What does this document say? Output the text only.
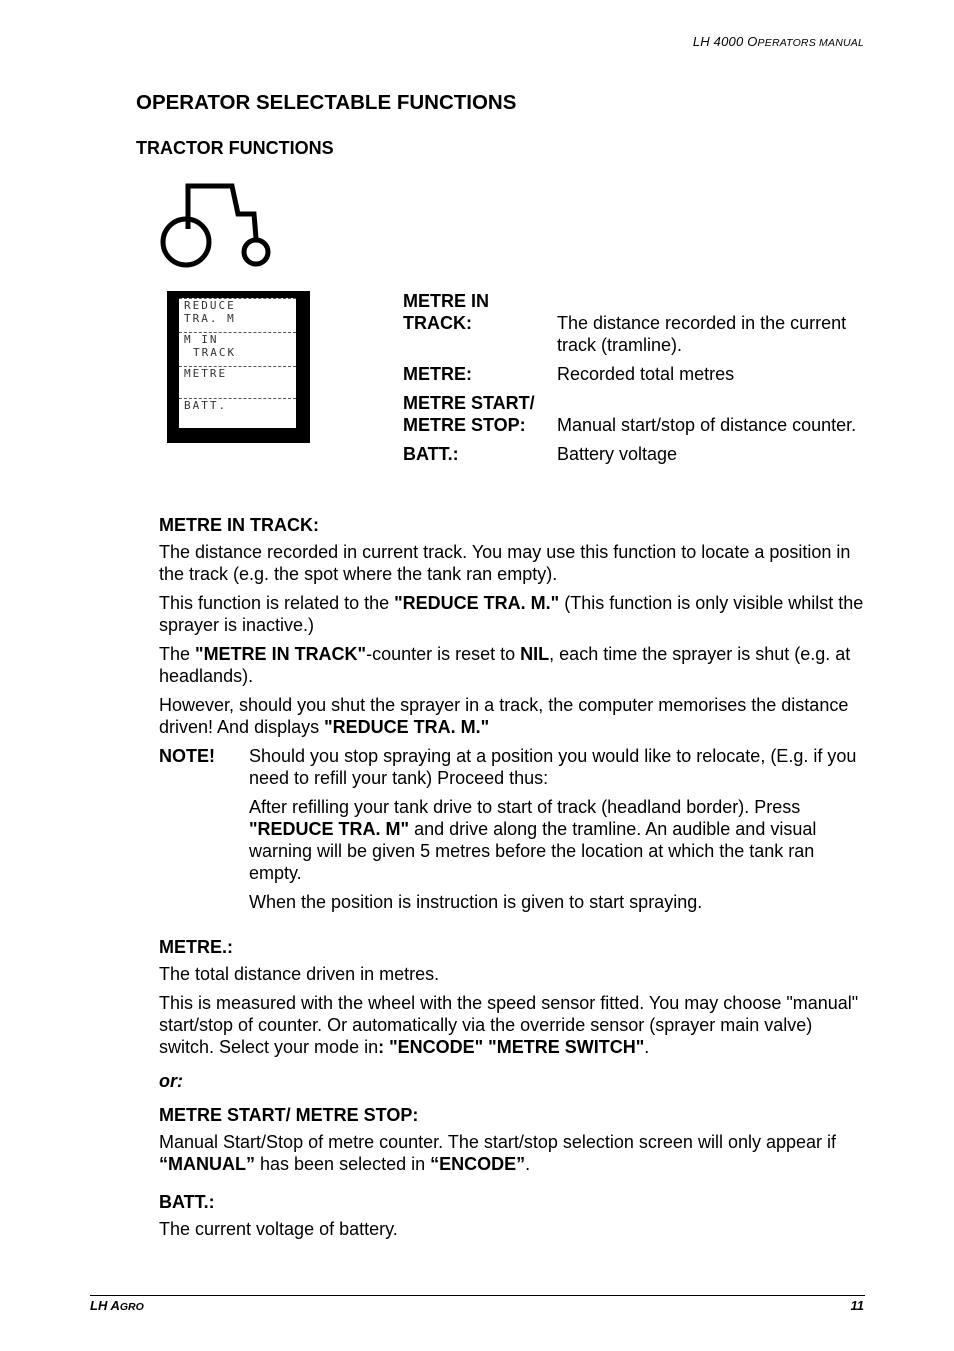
LH 4000 OPERATORS MANUAL
OPERATOR SELECTABLE FUNCTIONS
TRACTOR FUNCTIONS
REDUCE
TRA. M
M IN
TRACK
METRE
BATT.
METRE IN TRACK:	The distance recorded in the current track (tramline).
METRE:	Recorded total metres
METRE START/ METRE STOP:	Manual start/stop of distance counter.
BATT.:	Battery voltage
METRE IN TRACK:

The distance recorded in current track. You may use this function to locate a position in the track (e.g. the spot where the tank ran empty).

This function is related to the "REDUCE TRA. M." (This function is only visible whilst the sprayer is inactive.)

The "METRE IN TRACK"-counter is reset to NIL, each time the sprayer is shut (e.g. at headlands).

However, should you shut the sprayer in a track, the computer memorises the distance driven! And displays "REDUCE TRA. M."

NOTE!	Should you stop spraying at a position you would like to relocate, (E.g. if you need to refill your tank) Proceed thus:

After refilling your tank drive to start of track (headland border). Press "REDUCE TRA. M" and drive along the tramline. An audible and visual warning will be given 5 metres before the location at which the tank ran empty.

When the position is instruction is given to start spraying.

METRE.:

The total distance driven in metres.

This is measured with the wheel with the speed sensor fitted. You may choose "manual" start/stop of counter. Or automatically via the override sensor (sprayer main valve) switch. Select your mode in: "ENCODE" "METRE SWITCH".

or:

METRE START/ METRE STOP:

Manual Start/Stop of metre counter. The start/stop selection screen will only appear if “MANUAL” has been selected in “ENCODE”.

BATT.:

The current voltage of battery.

LH AGRO	11
